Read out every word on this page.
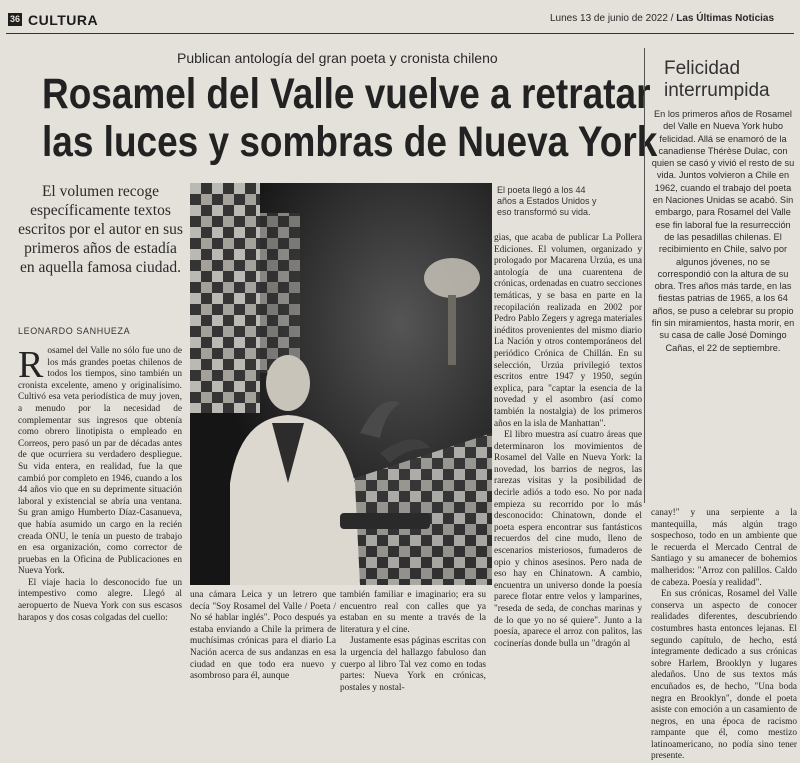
36 CULTURA	Lunes 13 de junio de 2022 / Las Últimas Noticias
Publican antología del gran poeta y cronista chileno
Rosamel del Valle vuelve a retratar
las luces y sombras de Nueva York
El volumen recoge específicamente textos escritos por el autor en sus primeros años de estadía en aquella famosa ciudad.
LEONARDO SANHUEZA
El poeta llegó a los 44 años a Estados Unidos y eso transformó su vida.
Felicidad interrumpida
En los primeros años de Rosamel del Valle en Nueva York hubo felicidad. Allá se enamoró de la canadiense Thérèse Dulac, con quien se casó y vivió el resto de su vida. Juntos volvieron a Chile en 1962, cuando el trabajo del poeta en Naciones Unidas se acabó. Sin embargo, para Rosamel del Valle ese fin laboral fue la resurrección de las pesadillas chilenas. El recibimiento en Chile, salvo por algunos jóvenes, no se correspondió con la altura de su obra. Tres años más tarde, en las fiestas patrias de 1965, a los 64 años, se puso a celebrar su propio fin sin miramientos, hasta morir, en su casa de calle José Domingo Cañas, el 22 de septiembre.

Rosamel del Valle no sólo fue uno de los más grandes poetas chilenos de todos los tiempos, sino también un cronista excelente, ameno y originalísimo. Cultivó esa veta periodística de muy joven, a menudo por la necesidad de complementar sus ingresos que obtenía como obrero linotipista o empleado en Correos, pero pasó un par de décadas antes de que ocurriera su verdadero despliegue. Su vida entera, en realidad, fue la que cambió por completo en 1946, cuando a los 44 años vio que en su deprimente situación laboral y existencial se abría una ventana. Su gran amigo Humberto Díaz-Casanueva, que había asumido un cargo en la recién creada ONU, le tenía un puesto de trabajo en esa organización, como corrector de pruebas en la Oficina de Publicaciones en Nueva York.

El viaje hacia lo desconocido fue un intempestivo como alegre. Llegó al aeropuerto de Nueva York con sus escasos harapos y dos cosas colgadas del cuello:

una cámara Leica y un letrero que decía "Soy Rosamel del Valle / Poeta / No sé hablar inglés". Poco después ya estaba enviando a Chile la primera de muchísimas crónicas para el diario La Nación acerca de sus andanzas en esa ciudad en que todo era nuevo y asombroso para él, aunque

también familiar e imaginario; era su encuentro real con calles que ya estaban en su mente a través de la literatura y el cine.

Justamente esas páginas escritas con la urgencia del hallazgo fabuloso dan cuerpo al libro Tal vez como en todas partes: Nueva York en crónicas, postales y nostal-

gias, que acaba de publicar La Pollera Ediciones. El volumen, organizado y prologado por Macarena Urzúa, es una antología de una cuarentena de crónicas, ordenadas en cuatro secciones temáticas, y se basa en parte en la recopilación realizada en 2002 por Pedro Pablo Zegers y agrega materiales inéditos provenientes del mismo diario La Nación y otros contemporáneos del periódico Crónica de Chillán. En su selección, Urzúa privilegió textos escritos entre 1947 y 1950, según explica, para "captar la esencia de la novedad y el asombro (así como también la nostalgia) de los primeros años en la isla de Manhattan".

El libro muestra así cuatro áreas que determinaron los movimientos de Rosamel del Valle en Nueva York: la novedad, los barrios de negros, las rarezas visitas y la posibilidad de decirle adiós a todo eso. No por nada empieza su recorrido por lo más desconocido: Chinatown, donde el poeta espera encontrar sus fantásticos recuerdos del cine mudo, lleno de escenarios misteriosos, fumaderos de opio y chinos asesinos. Pero nada de eso hay en Chinatown. A cambio, encuentra un universo donde la poesía parece flotar entre velos y lamparines, "reseda de seda, de conchas marinas y de lo que yo no sé quiere". Junto a la poesía, aparece el arroz con palitos, las cocinerías donde bulla un "dragón al

canay!" y una serpiente a la mantequilla, más algún trago sospechoso, todo en un ambiente que le recuerda el Mercado Central de Santiago y su amanecer de bohemios malheridos: "Arroz con palillos. Caldo de cabeza. Poesía y realidad".

En sus crónicas, Rosamel del Valle conserva un aspecto de conocer realidades diferentes, descubriendo costumbres hasta entonces lejanas. El segundo capítulo, de hecho, está íntegramente dedicado a sus crónicas sobre Harlem, Brooklyn y lugares aledaños. Uno de sus textos más encuñados es, de hecho, "Una boda negra en Brooklyn", donde el poeta asiste con emoción a un casamiento de negros, en una época de racismo rampante que él, como mestizo latinoamericano, no podía sino tener presente.
